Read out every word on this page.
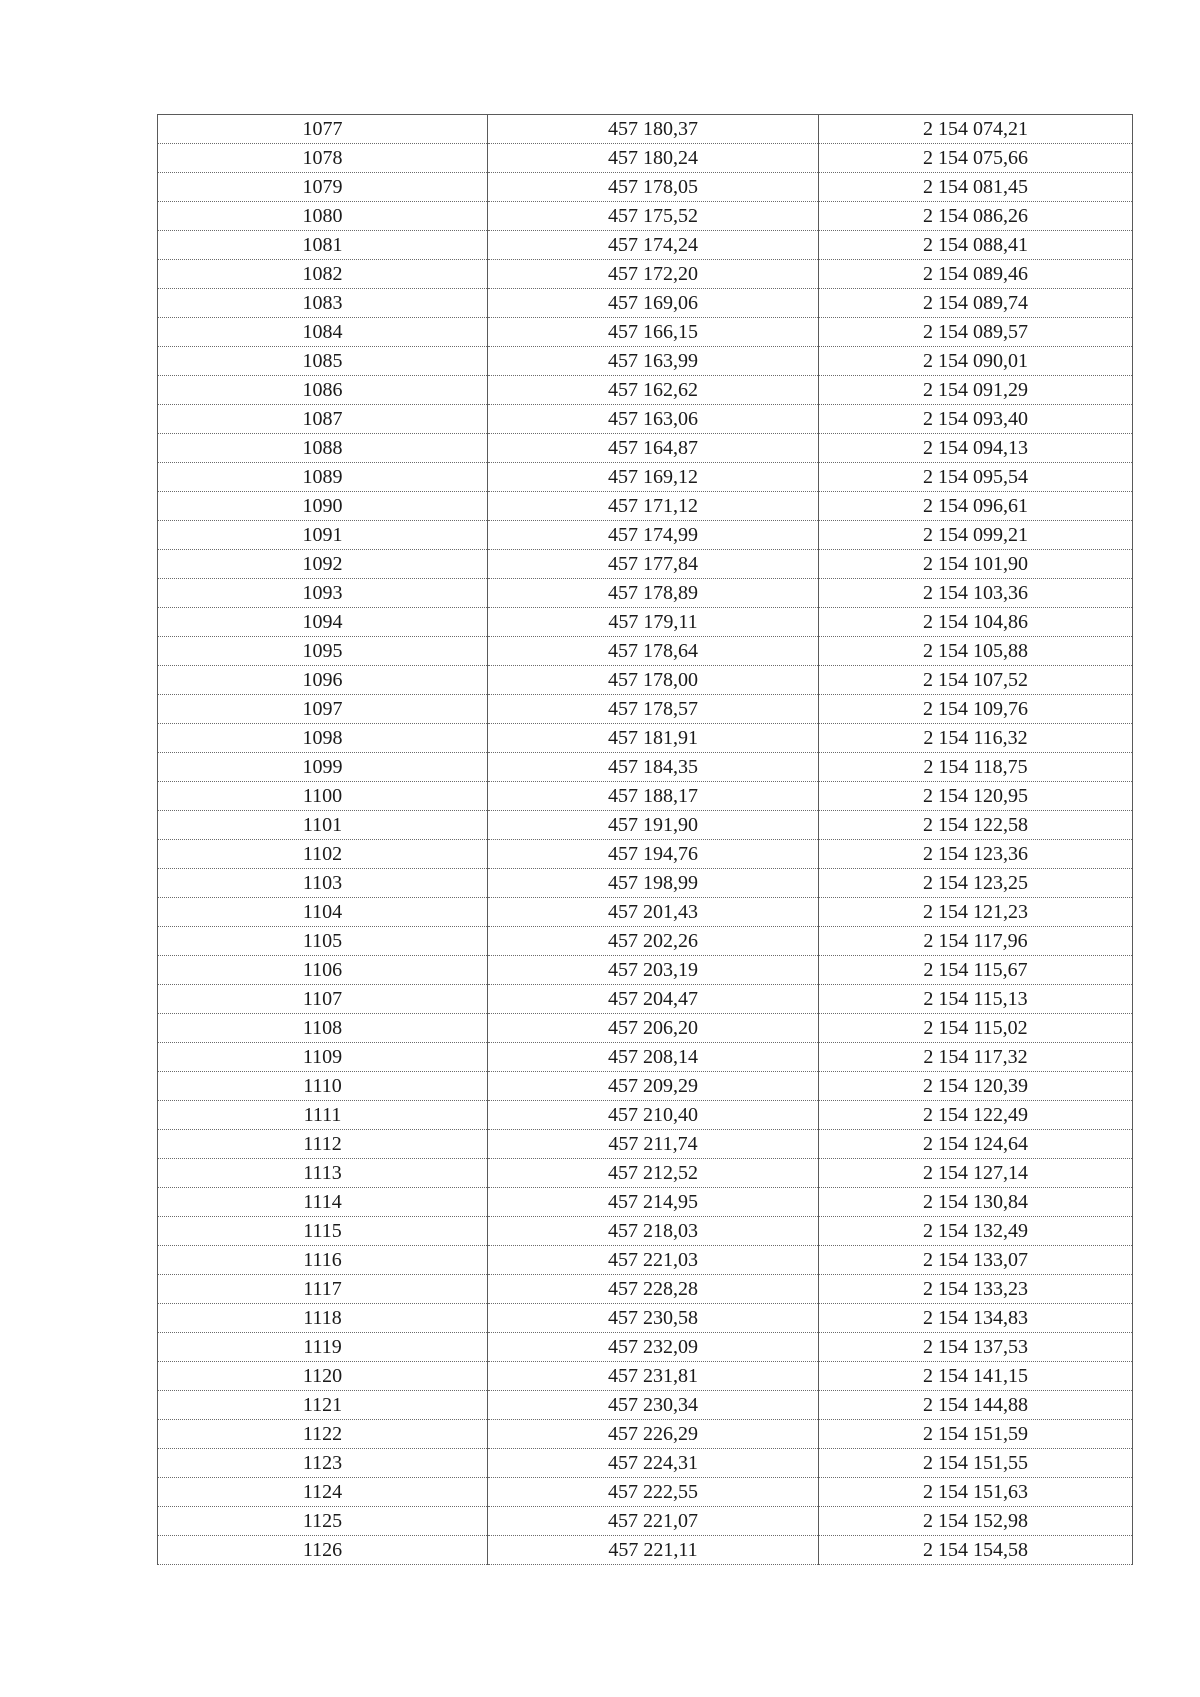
1077	457 180,37	2 154 074,21
1078	457 180,24	2 154 075,66
1079	457 178,05	2 154 081,45
1080	457 175,52	2 154 086,26
1081	457 174,24	2 154 088,41
1082	457 172,20	2 154 089,46
1083	457 169,06	2 154 089,74
1084	457 166,15	2 154 089,57
1085	457 163,99	2 154 090,01
1086	457 162,62	2 154 091,29
1087	457 163,06	2 154 093,40
1088	457 164,87	2 154 094,13
1089	457 169,12	2 154 095,54
1090	457 171,12	2 154 096,61
1091	457 174,99	2 154 099,21
1092	457 177,84	2 154 101,90
1093	457 178,89	2 154 103,36
1094	457 179,11	2 154 104,86
1095	457 178,64	2 154 105,88
1096	457 178,00	2 154 107,52
1097	457 178,57	2 154 109,76
1098	457 181,91	2 154 116,32
1099	457 184,35	2 154 118,75
1100	457 188,17	2 154 120,95
1101	457 191,90	2 154 122,58
1102	457 194,76	2 154 123,36
1103	457 198,99	2 154 123,25
1104	457 201,43	2 154 121,23
1105	457 202,26	2 154 117,96
1106	457 203,19	2 154 115,67
1107	457 204,47	2 154 115,13
1108	457 206,20	2 154 115,02
1109	457 208,14	2 154 117,32
1110	457 209,29	2 154 120,39
1111	457 210,40	2 154 122,49
1112	457 211,74	2 154 124,64
1113	457 212,52	2 154 127,14
1114	457 214,95	2 154 130,84
1115	457 218,03	2 154 132,49
1116	457 221,03	2 154 133,07
1117	457 228,28	2 154 133,23
1118	457 230,58	2 154 134,83
1119	457 232,09	2 154 137,53
1120	457 231,81	2 154 141,15
1121	457 230,34	2 154 144,88
1122	457 226,29	2 154 151,59
1123	457 224,31	2 154 151,55
1124	457 222,55	2 154 151,63
1125	457 221,07	2 154 152,98
1126	457 221,11	2 154 154,58
